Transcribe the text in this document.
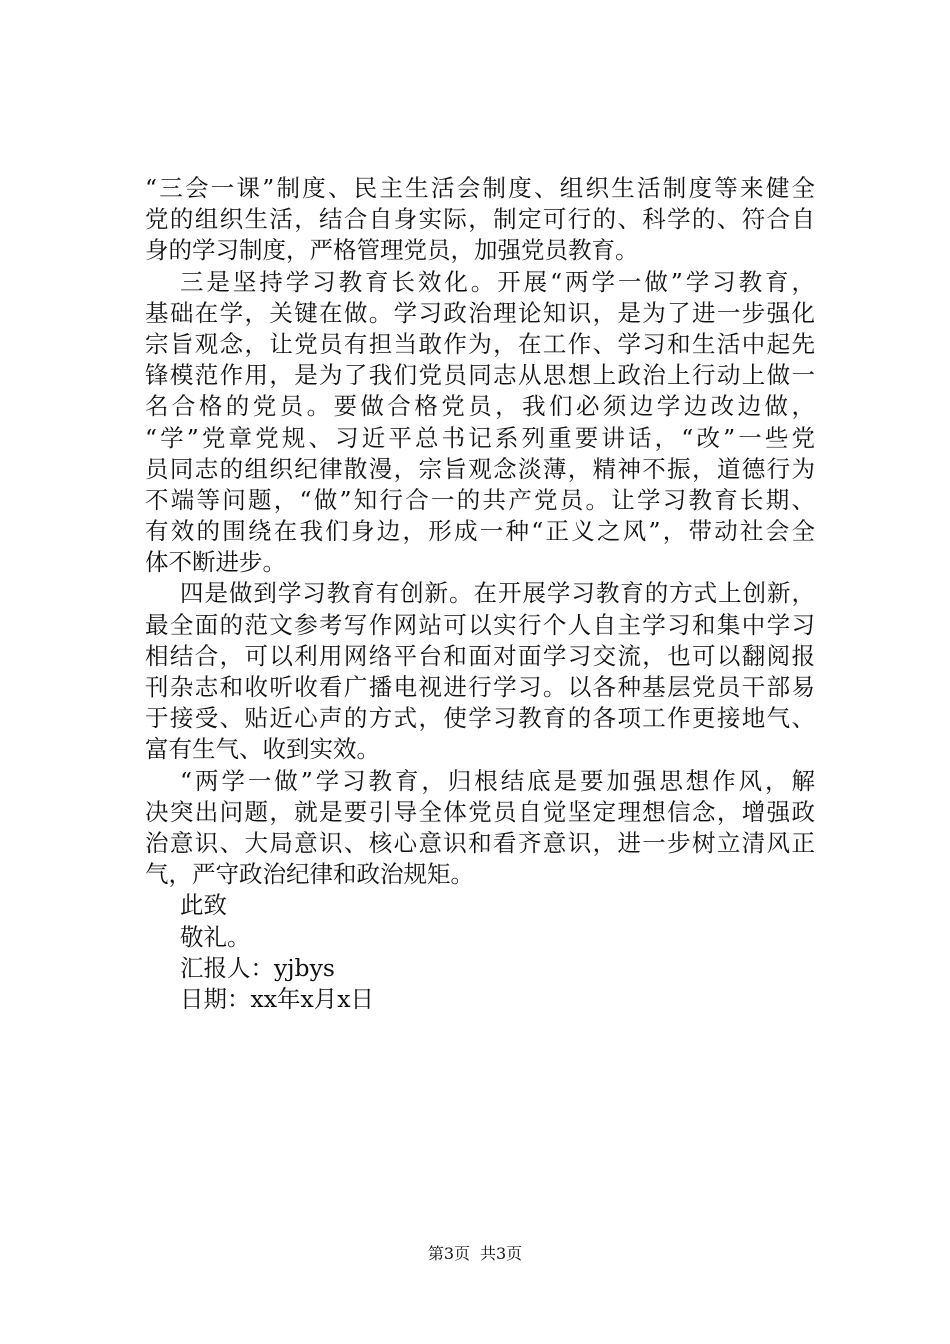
“三会一课”制度、民主生活会制度、组织生活制度等来健全
党的组织生活，结合自身实际，制定可行的、科学的、符合自
身的学习制度，严格管理党员，加强党员教育。
三是坚持学习教育长效化。开展“两学一做”学习教育，
基础在学，关键在做。学习政治理论知识，是为了进一步强化
宗旨观念，让党员有担当敢作为，在工作、学习和生活中起先
锋模范作用，是为了我们党员同志从思想上政治上行动上做一
名合格的党员。要做合格党员，我们必须边学边改边做，
“学”党章党规、习近平总书记系列重要讲话，“改”一些党
员同志的组织纪律散漫，宗旨观念淡薄，精神不振，道德行为
不端等问题，“做”知行合一的共产党员。让学习教育长期、
有效的围绕在我们身边，形成一种“正义之风”，带动社会全
体不断进步。
四是做到学习教育有创新。在开展学习教育的方式上创新，
最全面的范文参考写作网站可以实行个人自主学习和集中学习
相结合，可以利用网络平台和面对面学习交流，也可以翻阅报
刊杂志和收听收看广播电视进行学习。以各种基层党员干部易
于接受、贴近心声的方式，使学习教育的各项工作更接地气、
富有生气、收到实效。
“两学一做”学习教育，归根结底是要加强思想作风，解
决突出问题，就是要引导全体党员自觉坚定理想信念，增强政
治意识、大局意识、核心意识和看齐意识，进一步树立清风正
气，严守政治纪律和政治规矩。
此致
敬礼。
汇报人：yjbys
日期：xx年x月x日
第3页 共3页
